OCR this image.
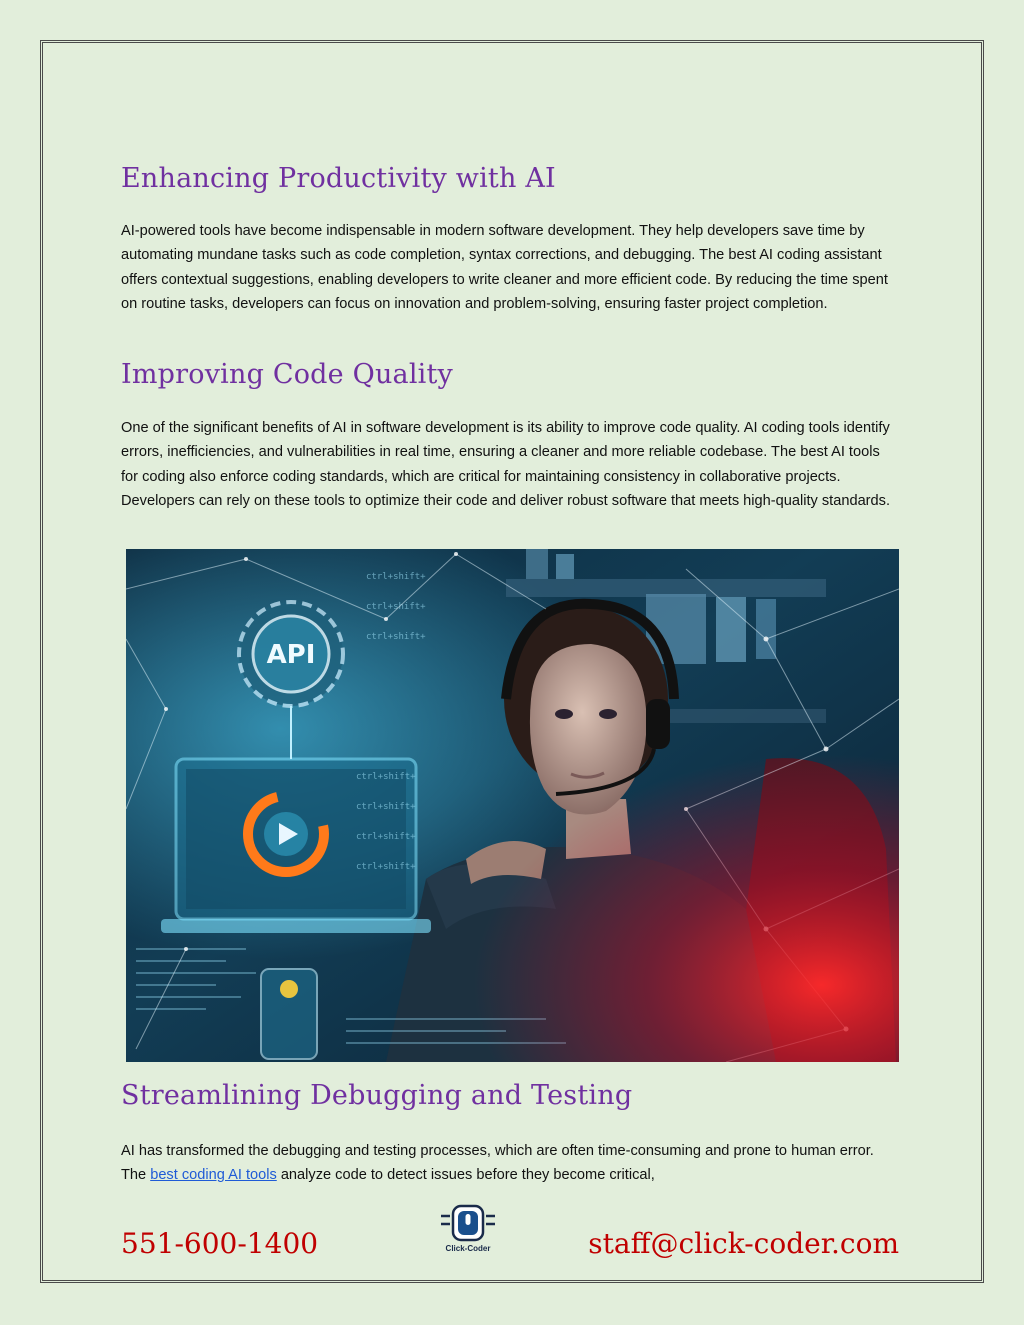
Enhancing Productivity with AI

AI-powered tools have become indispensable in modern software development. They help developers save time by automating mundane tasks such as code completion, syntax corrections, and debugging. The best AI coding assistant offers contextual suggestions, enabling developers to write cleaner and more efficient code. By reducing the time spent on routine tasks, developers can focus on innovation and problem-solving, ensuring faster project completion.

Improving Code Quality

One of the significant benefits of AI in software development is its ability to improve code quality. AI coding tools identify errors, inefficiencies, and vulnerabilities in real time, ensuring a cleaner and more reliable codebase. The best AI tools for coding also enforce coding standards, which are critical for maintaining consistency in collaborative projects. Developers can rely on these tools to optimize their code and deliver robust software that meets high-quality standards.

Streamlining Debugging and Testing

AI has transformed the debugging and testing processes, which are often time-consuming and prone to human error. The best coding AI tools analyze code to detect issues before they become critical,

551-600-1400	Click-Coder	staff@click-coder.com
